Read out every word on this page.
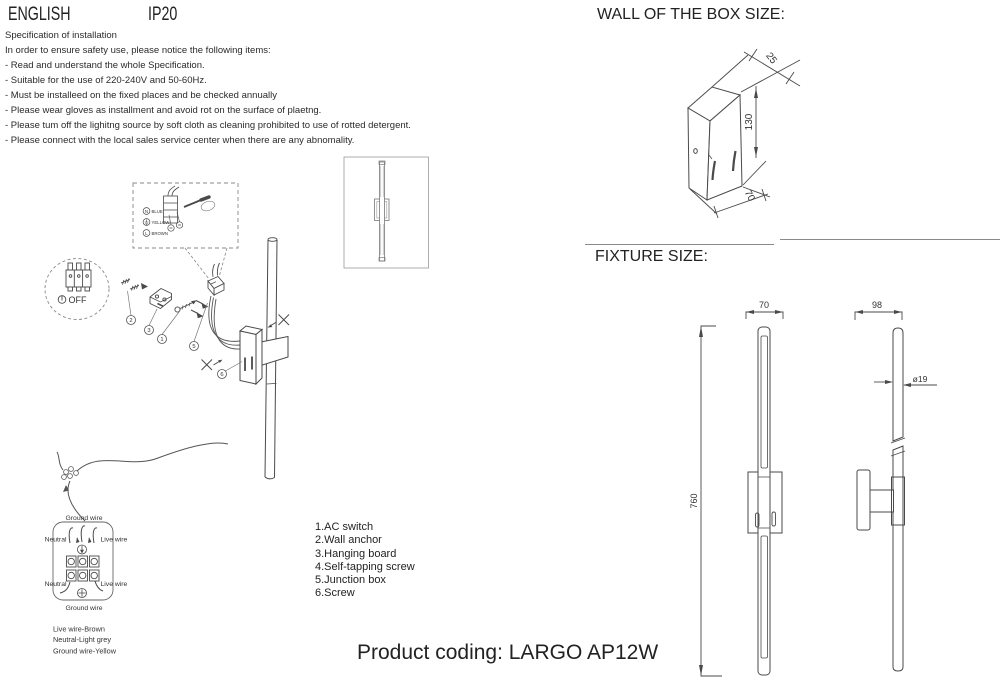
ENGLISH	IP20
Specification of installation
In order to ensure safety use, please notice the following items:
- Read and understand the whole Specification.
- Suitable for the use of 220-240V and 50-60Hz.
- Must be installeed on the fixed places and be checked annually
- Please wear gloves as installment and avoid rot on the surface of plaetng.
- Please tum off the lighitng source by soft cloth as cleaning prohibited to use of rotted detergent.
- Please connect with the local sales service center when there are any abnomality.
WALL OF THE BOX SIZE:
FIXTURE SIZE:
1.AC switch
2.Wall anchor
3.Hanging board
4.Self-tapping screw
5.Junction box
6.Screw
Product coding: LARGO AP12W
25
130
70
70
760
98
ø19
OFF
N BLUE
YELLOW
L BROWN
2
3
1
5
6
Ground wire
Neutral	Live wire
Neutral	Live wire
Ground wire
Live wire-Brown
Neutral-Light grey
Ground wire-Yellow
